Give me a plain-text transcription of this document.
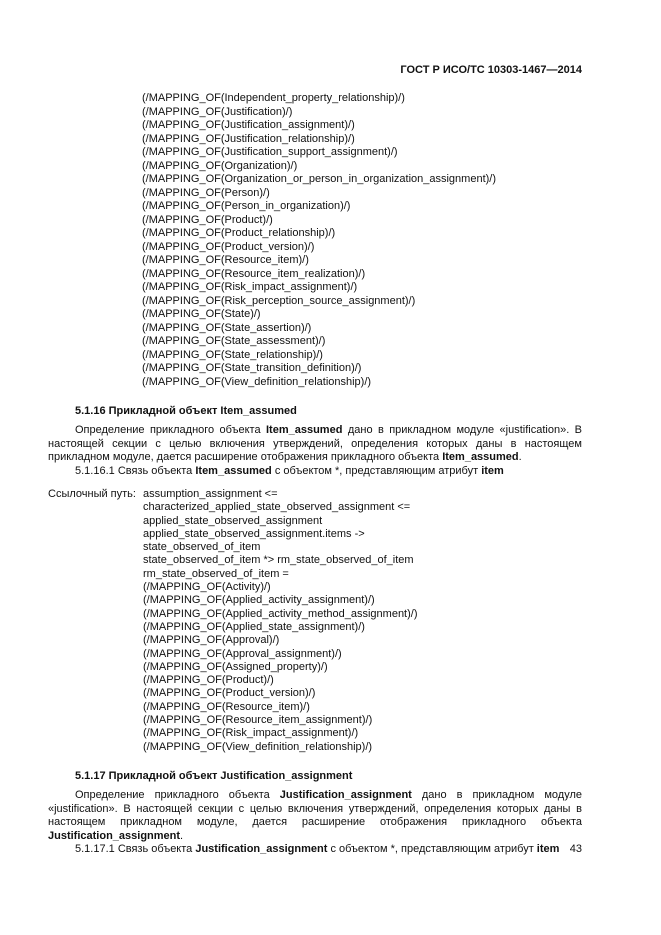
ГОСТ Р ИСО/ТС 10303-1467—2014
(/MAPPING_OF(Independent_property_relationship)/)
(/MAPPING_OF(Justification)/)
(/MAPPING_OF(Justification_assignment)/)
(/MAPPING_OF(Justification_relationship)/)
(/MAPPING_OF(Justification_support_assignment)/)
(/MAPPING_OF(Organization)/)
(/MAPPING_OF(Organization_or_person_in_organization_assignment)/)
(/MAPPING_OF(Person)/)
(/MAPPING_OF(Person_in_organization)/)
(/MAPPING_OF(Product)/)
(/MAPPING_OF(Product_relationship)/)
(/MAPPING_OF(Product_version)/)
(/MAPPING_OF(Resource_item)/)
(/MAPPING_OF(Resource_item_realization)/)
(/MAPPING_OF(Risk_impact_assignment)/)
(/MAPPING_OF(Risk_perception_source_assignment)/)
(/MAPPING_OF(State)/)
(/MAPPING_OF(State_assertion)/)
(/MAPPING_OF(State_assessment)/)
(/MAPPING_OF(State_relationship)/)
(/MAPPING_OF(State_transition_definition)/)
(/MAPPING_OF(View_definition_relationship)/)
5.1.16 Прикладной объект Item_assumed
Определение прикладного объекта Item_assumed дано в прикладном модуле «justification». В настоящей секции с целью включения утверждений, определения которых даны в настоящем прикладном модуле, дается расширение отображения прикладного объекта Item_assumed.
5.1.16.1 Связь объекта Item_assumed с объектом *, представляющим атрибут item
Ссылочный путь: assumption_assignment <=
characterized_applied_state_observed_assignment <=
applied_state_observed_assignment
applied_state_observed_assignment.items ->
state_observed_of_item
state_observed_of_item *> rm_state_observed_of_item
rm_state_observed_of_item =
(/MAPPING_OF(Activity)/)
(/MAPPING_OF(Applied_activity_assignment)/)
(/MAPPING_OF(Applied_activity_method_assignment)/)
(/MAPPING_OF(Applied_state_assignment)/)
(/MAPPING_OF(Approval)/)
(/MAPPING_OF(Approval_assignment)/)
(/MAPPING_OF(Assigned_property)/)
(/MAPPING_OF(Product)/)
(/MAPPING_OF(Product_version)/)
(/MAPPING_OF(Resource_item)/)
(/MAPPING_OF(Resource_item_assignment)/)
(/MAPPING_OF(Risk_impact_assignment)/)
(/MAPPING_OF(View_definition_relationship)/)
5.1.17 Прикладной объект Justification_assignment
Определение прикладного объекта Justification_assignment дано в прикладном модуле «justification». В настоящей секции с целью включения утверждений, определения которых даны в настоящем прикладном модуле, дается расширение отображения прикладного объекта Justification_assignment.
5.1.17.1 Связь объекта Justification_assignment с объектом *, представляющим атрибут item 43
